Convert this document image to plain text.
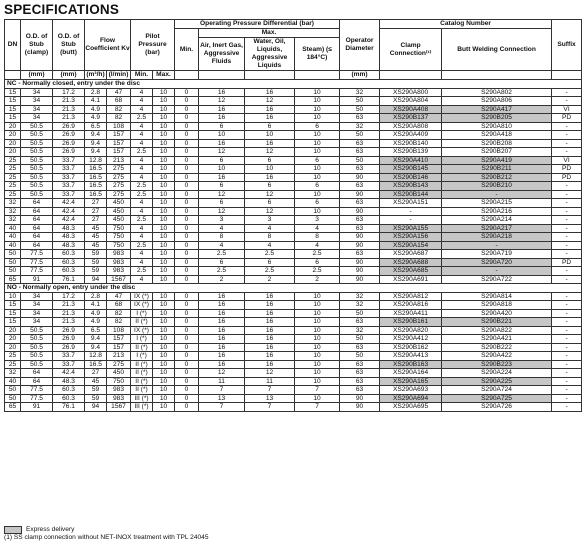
SPECIFICATIONS
DN	O.D. of Stub (clamp)	O.D. of Stub (butt)	Flow Coefficient Kv		Pilot Pressure (bar)		Operating Pressure Differential (bar)				Operator Diameter	Catalog Number		Suffix
							Min.	Max.				Clamp Connection⁽¹⁾	Butt Welding Connection	
								Air, Inert Gas, Aggressive Fluids	Water, Oil, Liquids, Aggressive Liquids	Steam) (≤ 184°C)				
	(mm)	(mm)	(m³/h)	(l/min)	Min.	Max.					(mm)			
NC - Normally closed, entry under the disc														
15	34	17.2	2.8	47	4	10	0	16	16	10	32	XS290A800	S290A802	-
15	34	21.3	4.1	68	4	10	0	12	12	10	50	XS290A804	S290A806	-
15	34	21.3	4.9	82	4	10	0	16	16	10	50	XS290A408	S290A417	VI
15	34	21.3	4.9	82	2.5	10	0	16	16	10	63	XS290B137	S290B205	PD
20	50.5	26.9	6.5	108	4	10	0	6	6	6	32	XS290A808	S290A810	-
20	50.5	26.9	9.4	157	4	10	0	10	10	10	50	XS290A409	S290A418	-
20	50.5	26.9	9.4	157	4	10	0	16	16	10	63	XS290B140	S290B208	-
20	50.5	26.9	9.4	157	2.5	10	0	12	12	10	63	XS290B139	S290B207	-
25	50.5	33.7	12.8	213	4	10	0	6	6	6	50	XS290A410	S290A419	VI
25	50.5	33.7	16.5	275	4	10	0	10	10	10	63	XS290B145	S290B211	PD
25	50.5	33.7	16.5	275	4	10	0	16	16	10	90	XS290B146	S290B212	PD
25	50.5	33.7	16.5	275	2.5	10	0	6	6	6	63	XS290B143	S290B210	-
25	50.5	33.7	16.5	275	2.5	10	0	12	12	10	90	XS290B144	-	-
32	64	42.4	27	450	4	10	0	6	6	6	63	XS290A151	S290A215	-
32	64	42.4	27	450	4	10	0	12	12	10	90	-	S290A216	-
32	64	42.4	27	450	2.5	10	0	3	3	3	63	-	S290A214	-
40	64	48.3	45	750	4	10	0	4	4	4	63	XS290A155	S290A217	-
40	64	48.3	45	750	4	10	0	8	8	8	90	XS290A156	S290A218	-
40	64	48.3	45	750	2.5	10	0	4	4	4	90	XS290A154	-	-
50	77.5	60.3	59	983	4	10	0	2.5	2.5	2.5	63	XS290A687	S290A719	-
50	77.5	60.3	59	983	4	10	0	6	6	6	90	XS290A688	S290A720	PD
50	77.5	60.3	59	983	2.5	10	0	2.5	2.5	2.5	90	XS290A685	-	-
65	91	76.1	94	1567	4	10	0	2	2	2	90	XS290A691	S290A722	-
NO - Normally open, entry under the disc														
10	34	17.2	2.8	47	IX (*)	10	0	16	16	10	32	XS290A812	S290A814	-
15	34	21.3	4.1	68	IX (*)	10	0	16	16	10	32	XS290A816	S290A818	-
15	34	21.3	4.9	82	I (*)	10	0	16	16	10	50	XS290A411	S290A420	-
15	34	21.3	4.9	82	II (*)	10	0	16	16	10	63	XS290B161	S290B221	-
20	50.5	26.9	6.5	108	IX (*)	10	0	16	16	10	32	XS290A820	S290A822	-
20	50.5	26.9	9.4	157	I (*)	10	0	16	16	10	50	XS290A412	S290A421	-
20	50.5	26.9	9.4	157	II (*)	10	0	16	16	10	63	XS290B162	S290B222	-
25	50.5	33.7	12.8	213	I (*)	10	0	16	16	10	50	XS290A413	S290A422	-
25	50.5	33.7	16.5	275	II (*)	10	0	16	16	10	63	XS290B163	S290B223	-
32	64	42.4	27	450	II (*)	10	0	12	12	10	63	XS290A164	S290A224	-
40	64	48.3	45	750	II (*)	10	0	11	11	10	63	XS290A165	S290A225	-
50	77.5	60.3	59	983	II (*)	10	0	7	7	7	63	XS290A693	S290A724	-
50	77.5	60.3	59	983	III (*)	10	0	13	13	10	90	XS290A694	S290A725	-
65	91	76.1	94	1567	III (*)	10	0	7	7	7	90	XS290A695	S290A726	-
Express delivery
(1) SS clamp connection without NET-INOX treatment with TPL 24045
